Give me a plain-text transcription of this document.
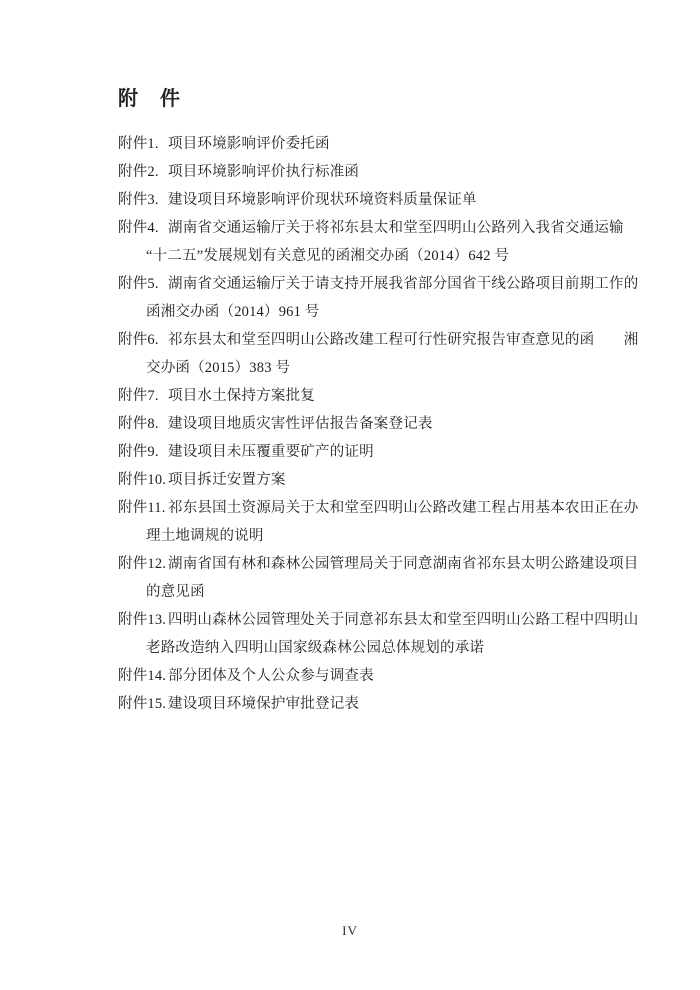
附　件
附件1. 项目环境影响评价委托函
附件2. 项目环境影响评价执行标准函
附件3. 建设项目环境影响评价现状环境资料质量保证单
附件4. 湖南省交通运输厅关于将祁东县太和堂至四明山公路列入我省交通运输
“十二五”发展规划有关意见的函湘交办函（2014）642 号
附件5. 湖南省交通运输厅关于请支持开展我省部分国省干线公路项目前期工作的
函湘交办函（2014）961 号
附件6. 祁东县太和堂至四明山公路改建工程可行性研究报告审查意见的函　　湘
交办函（2015）383 号
附件7. 项目水土保持方案批复
附件8. 建设项目地质灾害性评估报告备案登记表
附件9. 建设项目未压覆重要矿产的证明
附件10. 项目拆迁安置方案
附件11. 祁东县国土资源局关于太和堂至四明山公路改建工程占用基本农田正在办
理土地调规的说明
附件12. 湖南省国有林和森林公园管理局关于同意湖南省祁东县太明公路建设项目
的意见函
附件13. 四明山森林公园管理处关于同意祁东县太和堂至四明山公路工程中四明山
老路改造纳入四明山国家级森林公园总体规划的承诺
附件14. 部分团体及个人公众参与调查表
附件15. 建设项目环境保护审批登记表
IV
